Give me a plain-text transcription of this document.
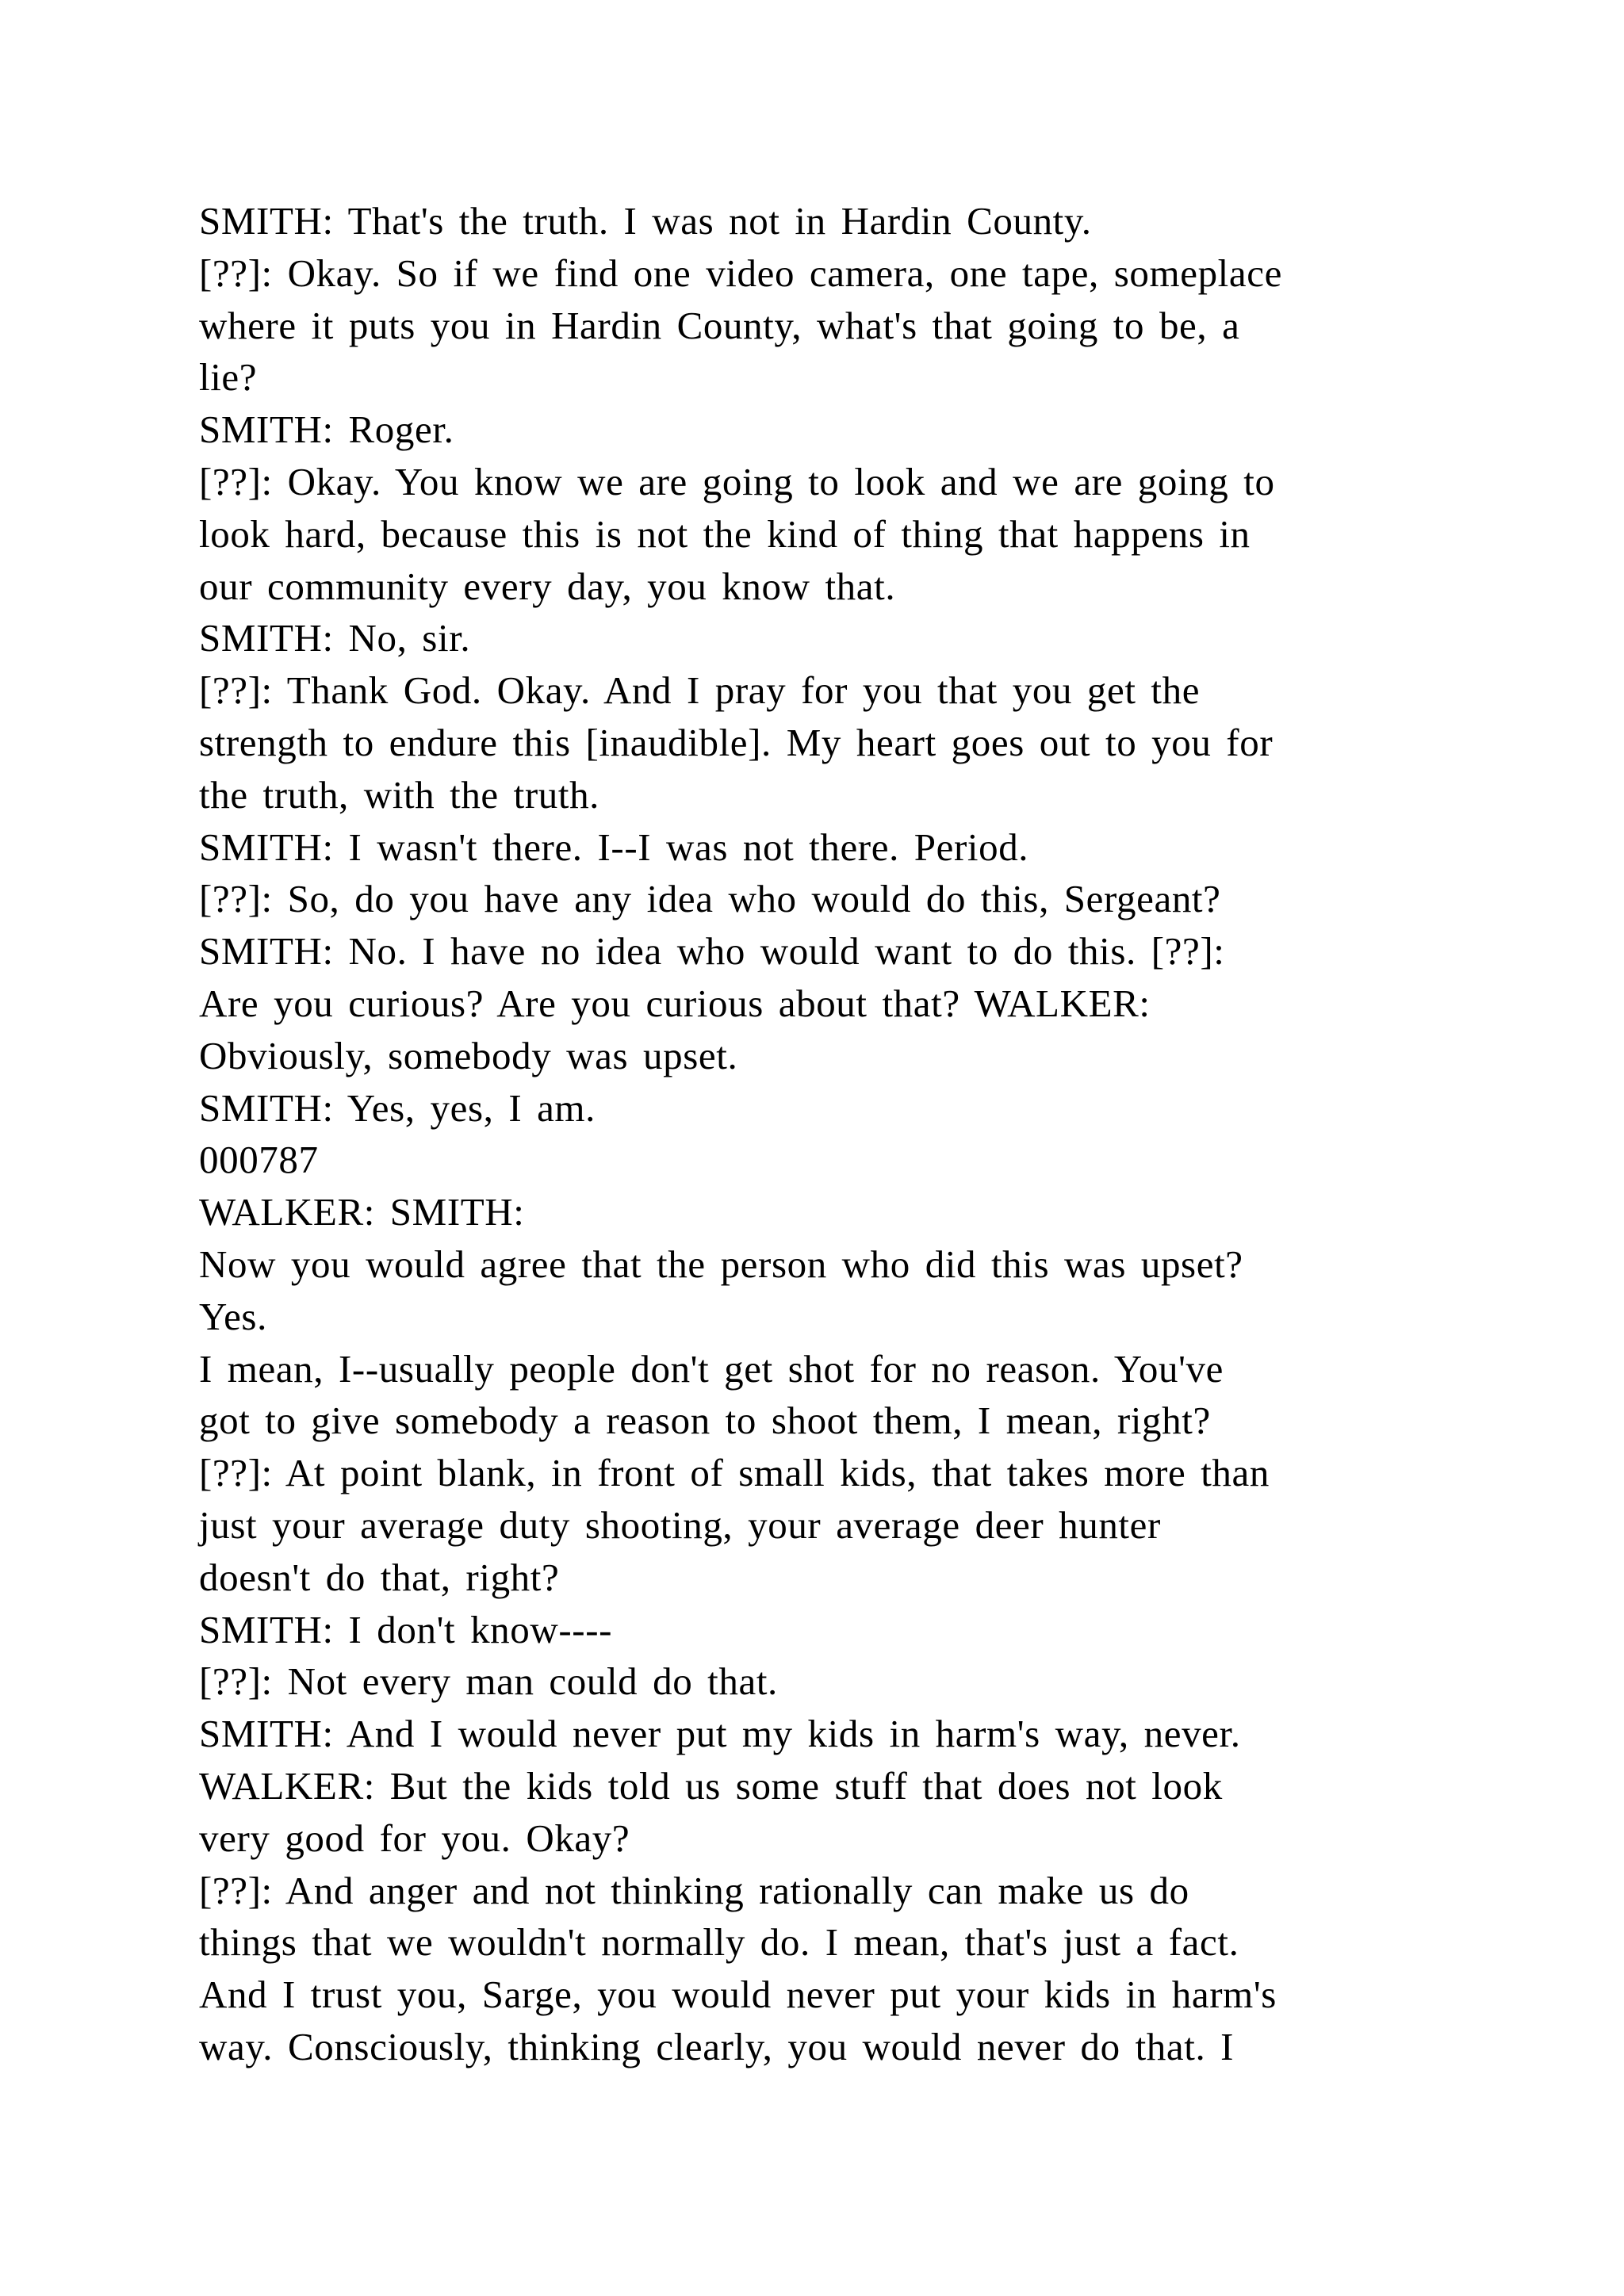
SMITH: That's the truth. I was not in Hardin County.
[??]: Okay. So if we find one video camera, one tape, someplace
where it puts you in Hardin County, what's that going to be, a
lie?
SMITH: Roger.
[??]: Okay. You know we are going to look and we are going to
look hard, because this is not the kind of thing that happens in
our community every day, you know that.
SMITH: No, sir.
[??]: Thank God. Okay. And I pray for you that you get the
strength to endure this [inaudible]. My heart goes out to you for
the truth, with the truth.
SMITH: I wasn't there. I--I was not there. Period.
[??]: So, do you have any idea who would do this, Sergeant?
SMITH: No. I have no idea who would want to do this. [??]:
Are you curious? Are you curious about that? WALKER:
Obviously, somebody was upset.
SMITH: Yes, yes, I am.
000787
WALKER: SMITH:
Now you would agree that the person who did this was upset?
Yes.
I mean, I--usually people don't get shot for no reason. You've
got to give somebody a reason to shoot them, I mean, right?
[??]: At point blank, in front of small kids, that takes more than
just your average duty shooting, your average deer hunter
doesn't do that, right?
SMITH: I don't know----
[??]: Not every man could do that.
SMITH: And I would never put my kids in harm's way, never.
WALKER: But the kids told us some stuff that does not look
very good for you. Okay?
[??]: And anger and not thinking rationally can make us do
things that we wouldn't normally do. I mean, that's just a fact.
And I trust you, Sarge, you would never put your kids in harm's
way. Consciously, thinking clearly, you would never do that. I
